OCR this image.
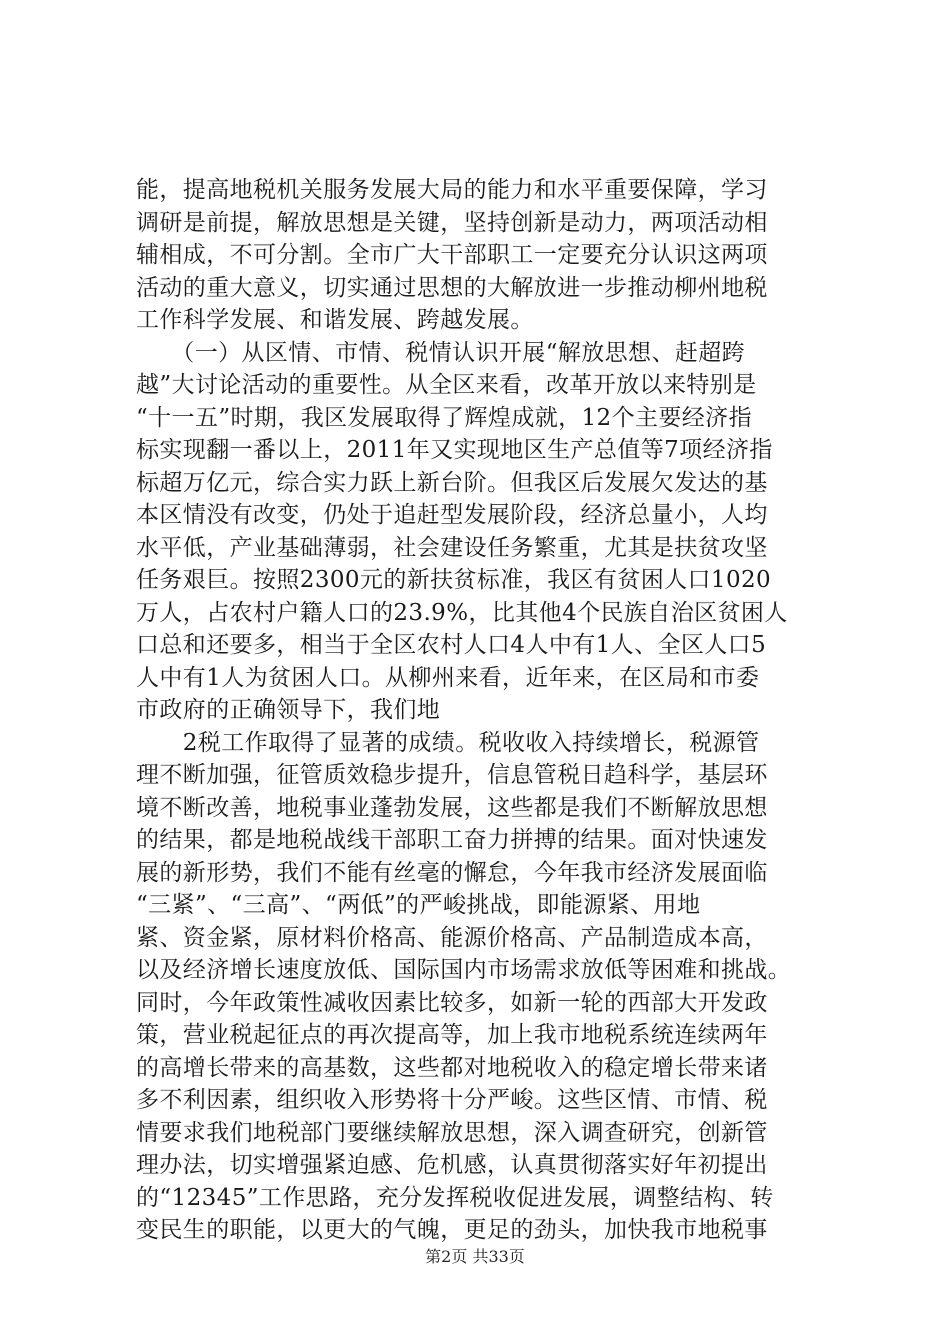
能，提高地税机关服务发展大局的能力和水平重要保障，学习
调研是前提，解放思想是关键，坚持创新是动力，两项活动相
辅相成，不可分割。全市广大干部职工一定要充分认识这两项
活动的重大意义，切实通过思想的大解放进一步推动柳州地税
工作科学发展、和谐发展、跨越发展。
　　（一）从区情、市情、税情认识开展“解放思想、赶超跨
越”大讨论活动的重要性。从全区来看，改革开放以来特别是
“十一五”时期，我区发展取得了辉煌成就，12个主要经济指
标实现翻一番以上，2011年又实现地区生产总值等7项经济指
标超万亿元，综合实力跃上新台阶。但我区后发展欠发达的基
本区情没有改变，仍处于追赶型发展阶段，经济总量小，人均
水平低，产业基础薄弱，社会建设任务繁重，尤其是扶贫攻坚
任务艰巨。按照2300元的新扶贫标准，我区有贫困人口1020
万人，占农村户籍人口的23.9%，比其他4个民族自治区贫困人
口总和还要多，相当于全区农村人口4人中有1人、全区人口5
人中有1人为贫困人口。从柳州来看，近年来，在区局和市委
市政府的正确领导下，我们地
　　2税工作取得了显著的成绩。税收收入持续增长，税源管
理不断加强，征管质效稳步提升，信息管税日趋科学，基层环
境不断改善，地税事业蓬勃发展，这些都是我们不断解放思想
的结果，都是地税战线干部职工奋力拼搏的结果。面对快速发
展的新形势，我们不能有丝毫的懈怠，今年我市经济发展面临
“三紧”、“三高”、“两低”的严峻挑战，即能源紧、用地
紧、资金紧，原材料价格高、能源价格高、产品制造成本高，
以及经济增长速度放低、国际国内市场需求放低等困难和挑战。
同时，今年政策性减收因素比较多，如新一轮的西部大开发政
策，营业税起征点的再次提高等，加上我市地税系统连续两年
的高增长带来的高基数，这些都对地税收入的稳定增长带来诸
多不利因素，组织收入形势将十分严峻。这些区情、市情、税
情要求我们地税部门要继续解放思想，深入调查研究，创新管
理办法，切实增强紧迫感、危机感，认真贯彻落实好年初提出
的“12345”工作思路，充分发挥税收促进发展，调整结构、转
变民生的职能，以更大的气魄，更足的劲头，加快我市地税事
第2页 共33页
